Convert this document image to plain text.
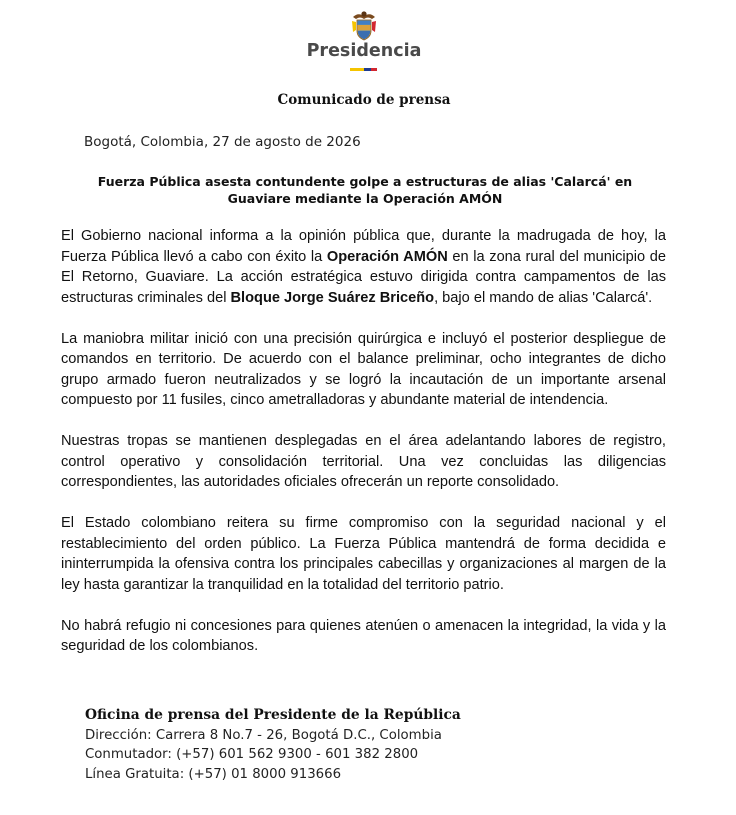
Presidencia
Comunicado de prensa
Bogotá, Colombia, 27 de agosto de 2026
Fuerza Pública asesta contundente golpe a estructuras de alias 'Calarcá' en
Guaviare mediante la Operación AMÓN

El Gobierno nacional informa a la opinión pública que, durante la madrugada de hoy, la Fuerza Pública llevó a cabo con éxito la Operación AMÓN en la zona rural del municipio de El Retorno, Guaviare. La acción estratégica estuvo dirigida contra campamentos de las estructuras criminales del Bloque Jorge Suárez Briceño, bajo el mando de alias 'Calarcá'.

La maniobra militar inició con una precisión quirúrgica e incluyó el posterior despliegue de comandos en territorio. De acuerdo con el balance preliminar, ocho integrantes de dicho grupo armado fueron neutralizados y se logró la incautación de un importante arsenal compuesto por 11 fusiles, cinco ametralladoras y abundante material de intendencia.

Nuestras tropas se mantienen desplegadas en el área adelantando labores de registro, control operativo y consolidación territorial. Una vez concluidas las diligencias correspondientes, las autoridades oficiales ofrecerán un reporte consolidado.

El Estado colombiano reitera su firme compromiso con la seguridad nacional y el restablecimiento del orden público. La Fuerza Pública mantendrá de forma decidida e ininterrumpida la ofensiva contra los principales cabecillas y organizaciones al margen de la ley hasta garantizar la tranquilidad en la totalidad del territorio patrio.

No habrá refugio ni concesiones para quienes atenúen o amenacen la integridad, la vida y la seguridad de los colombianos.

Oficina de prensa del Presidente de la República
Dirección: Carrera 8 No.7 - 26, Bogotá D.C., Colombia
Conmutador: (+57) 601 562 9300 - 601 382 2800
Línea Gratuita: (+57) 01 8000 913666
